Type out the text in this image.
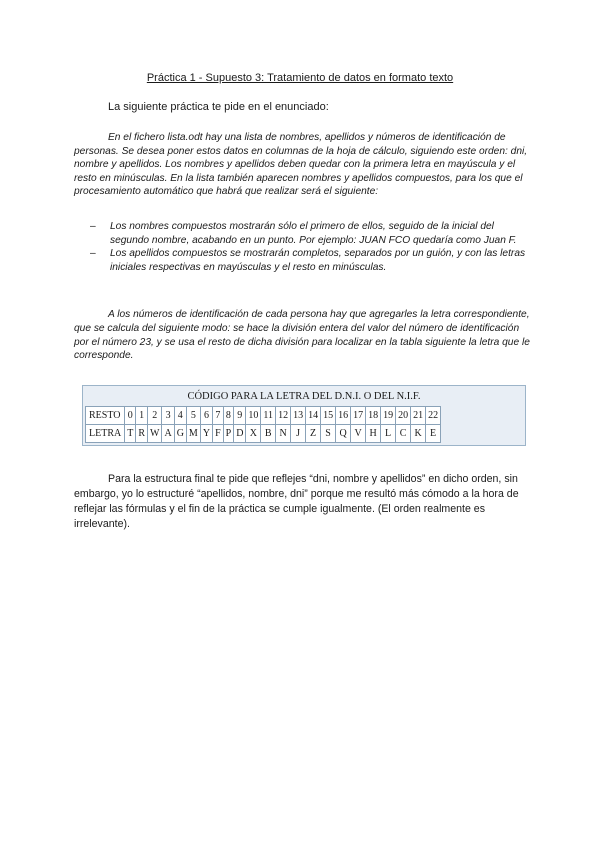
Práctica 1 - Supuesto 3: Tratamiento de datos en formato texto
La siguiente práctica te pide en el enunciado:

En el fichero lista.odt hay una lista de nombres, apellidos y números de identificación de personas. Se desea poner estos datos en columnas de la hoja de cálculo, siguiendo este orden: dni, nombre y apellidos. Los nombres y apellidos deben quedar con la primera letra en mayúscula y el resto en minúsculas. En la lista también aparecen nombres y apellidos compuestos, para los que el procesamiento automático que habrá que realizar será el siguiente:

– Los nombres compuestos mostrarán sólo el primero de ellos, seguido de la inicial del segundo nombre, acabando en un punto. Por ejemplo: JUAN FCO quedaría como Juan F.

– Los apellidos compuestos se mostrarán completos, separados por un guión, y con las letras iniciales respectivas en mayúsculas y el resto en minúsculas.

A los números de identificación de cada persona hay que agregarles la letra correspondiente, que se calcula del siguiente modo: se hace la división entera del valor del número de identificación por el número 23, y se usa el resto de dicha división para localizar en la tabla siguiente la letra que le corresponde.

CÓDIGO PARA LA LETRA DEL D.N.I. O DEL N.I.F.
RESTO	0	1	2	3	4	5	6	7	8	9	10	11	12	13	14	15	16	17	18	19	20	21	22
LETRA	T	R	W	A	G	M	Y	F	P	D	X	B	N	J	Z	S	Q	V	H	L	C	K	E

Para la estructura final te pide que reflejes “dni, nombre y apellidos” en dicho orden, sin embargo, yo lo estructuré “apellidos, nombre, dni” porque me resultó más cómodo a la hora de reflejar las fórmulas y el fin de la práctica se cumple igualmente. (El orden realmente es irrelevante).
